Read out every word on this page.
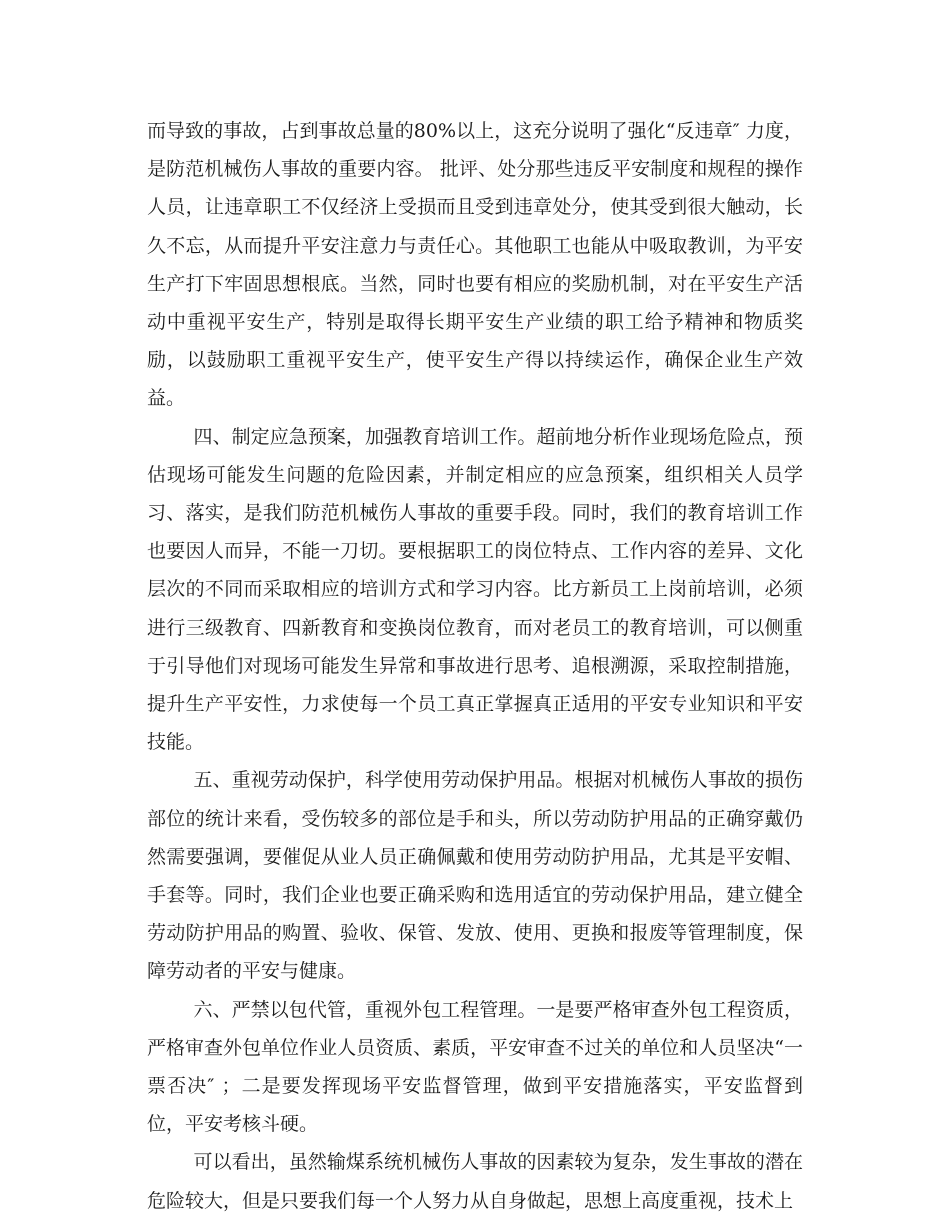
而导致的事故，占到事故总量的80%以上，这充分说明了强化“反违章″ 力度，是防范机械伤人事故的重要内容。 批评、处分那些违反平安制度和规程的操作人员，让违章职工不仅经济上受损而且受到违章处分，使其受到很大触动，长久不忘，从而提升平安注意力与责任心。其他职工也能从中吸取教训，为平安生产打下牢固思想根底。当然，同时也要有相应的奖励机制，对在平安生产活动中重视平安生产，特别是取得长期平安生产业绩的职工给予精神和物质奖励，以鼓励职工重视平安生产，使平安生产得以持续运作，确保企业生产效益。

四、制定应急预案，加强教育培训工作。超前地分析作业现场危险点，预估现场可能发生问题的危险因素，并制定相应的应急预案，组织相关人员学习、落实，是我们防范机械伤人事故的重要手段。同时，我们的教育培训工作也要因人而异，不能一刀切。要根据职工的岗位特点、工作内容的差异、文化层次的不同而采取相应的培训方式和学习内容。比方新员工上岗前培训，必须进行三级教育、四新教育和变换岗位教育，而对老员工的教育培训，可以侧重于引导他们对现场可能发生异常和事故进行思考、追根溯源，采取控制措施，提升生产平安性，力求使每一个员工真正掌握真正适用的平安专业知识和平安技能。

五、重视劳动保护，科学使用劳动保护用品。根据对机械伤人事故的损伤部位的统计来看，受伤较多的部位是手和头，所以劳动防护用品的正确穿戴仍然需要强调，要催促从业人员正确佩戴和使用劳动防护用品，尤其是平安帽、手套等。同时，我们企业也要正确采购和选用适宜的劳动保护用品，建立健全劳动防护用品的购置、验收、保管、发放、使用、更换和报废等管理制度，保障劳动者的平安与健康。

六、严禁以包代管，重视外包工程管理。一是要严格审查外包工程资质，严格审查外包单位作业人员资质、素质，平安审查不过关的单位和人员坚决“一票否决″ ；二是要发挥现场平安监督管理，做到平安措施落实，平安监督到位，平安考核斗硬。

可以看出，虽然输煤系统机械伤人事故的因素较为复杂，发生事故的潜在危险较大，但是只要我们每一个人努力从自身做起，思想上高度重视，技术上
